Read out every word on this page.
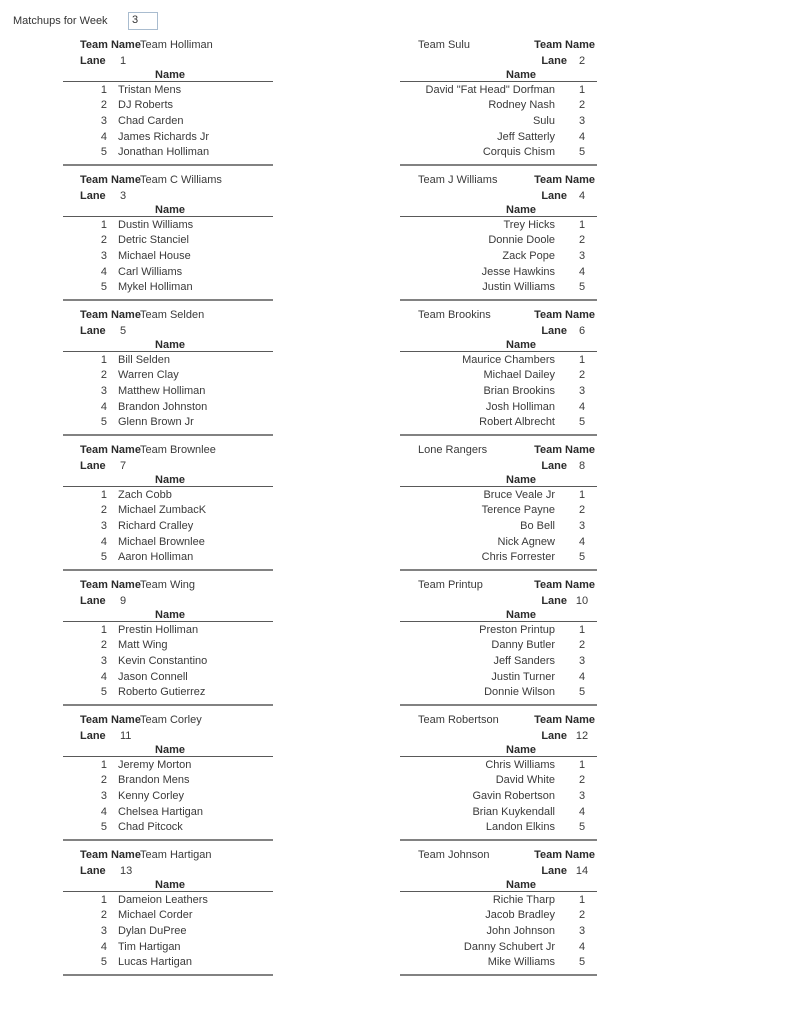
Matchups for Week	3
Team Name Team Holliman
Lane	1
Name
1 Tristan Mens
2 DJ Roberts
3 Chad Carden
4 James Richards Jr
5 Jonathan Holliman
Team Name Team C Williams
Lane	3
Name
1 Dustin Williams
2 Detric Stanciel
3 Michael House
4 Carl Williams
5 Mykel Holliman
Team Name Team Selden
Lane	5
Name
1 Bill Selden
2 Warren Clay
3 Matthew Holliman
4 Brandon Johnston
5 Glenn Brown Jr
Team Name Team Brownlee
Lane	7
Name
1 Zach Cobb
2 Michael ZumbacK
3 Richard Cralley
4 Michael Brownlee
5 Aaron Holliman
Team Name Team Wing
Lane	9
Name
1 Prestin Holliman
2 Matt Wing
3 Kevin Constantino
4 Jason Connell
5 Roberto Gutierrez
Team Name Team Corley
Lane	11
Name
1 Jeremy Morton
2 Brandon Mens
3 Kenny Corley
4 Chelsea Hartigan
5 Chad Pitcock
Team Name Team Hartigan
Lane	13
Name
1 Dameion Leathers
2 Michael Corder
3 Dylan DuPree
4 Tim Hartigan
5 Lucas Hartigan
Team Sulu	Team Name
Lane	2
Name
David "Fat Head" Dorfman	1
Rodney Nash	2
Sulu	3
Jeff Satterly	4
Corquis Chism	5
Team J Williams	Team Name
Lane	4
Name
Trey Hicks	1
Donnie Doole	2
Zack Pope	3
Jesse Hawkins	4
Justin Williams	5
Team Brookins	Team Name
Lane	6
Name
Maurice Chambers	1
Michael Dailey	2
Brian Brookins	3
Josh Holliman	4
Robert Albrecht	5
Lone Rangers	Team Name
Lane	8
Name
Bruce Veale Jr	1
Terence Payne	2
Bo Bell	3
Nick Agnew	4
Chris Forrester	5
Team Printup	Team Name
Lane 10
Name
Preston Printup	1
Danny Butler	2
Jeff Sanders	3
Justin Turner	4
Donnie Wilson	5
Team Robertson	Team Name
Lane 12
Name
Chris Williams	1
David White	2
Gavin Robertson	3
Brian Kuykendall	4
Landon Elkins	5
Team Johnson	Team Name
Lane 14
Name
Richie Tharp	1
Jacob Bradley	2
John Johnson	3
Danny Schubert Jr	4
Mike Williams	5
